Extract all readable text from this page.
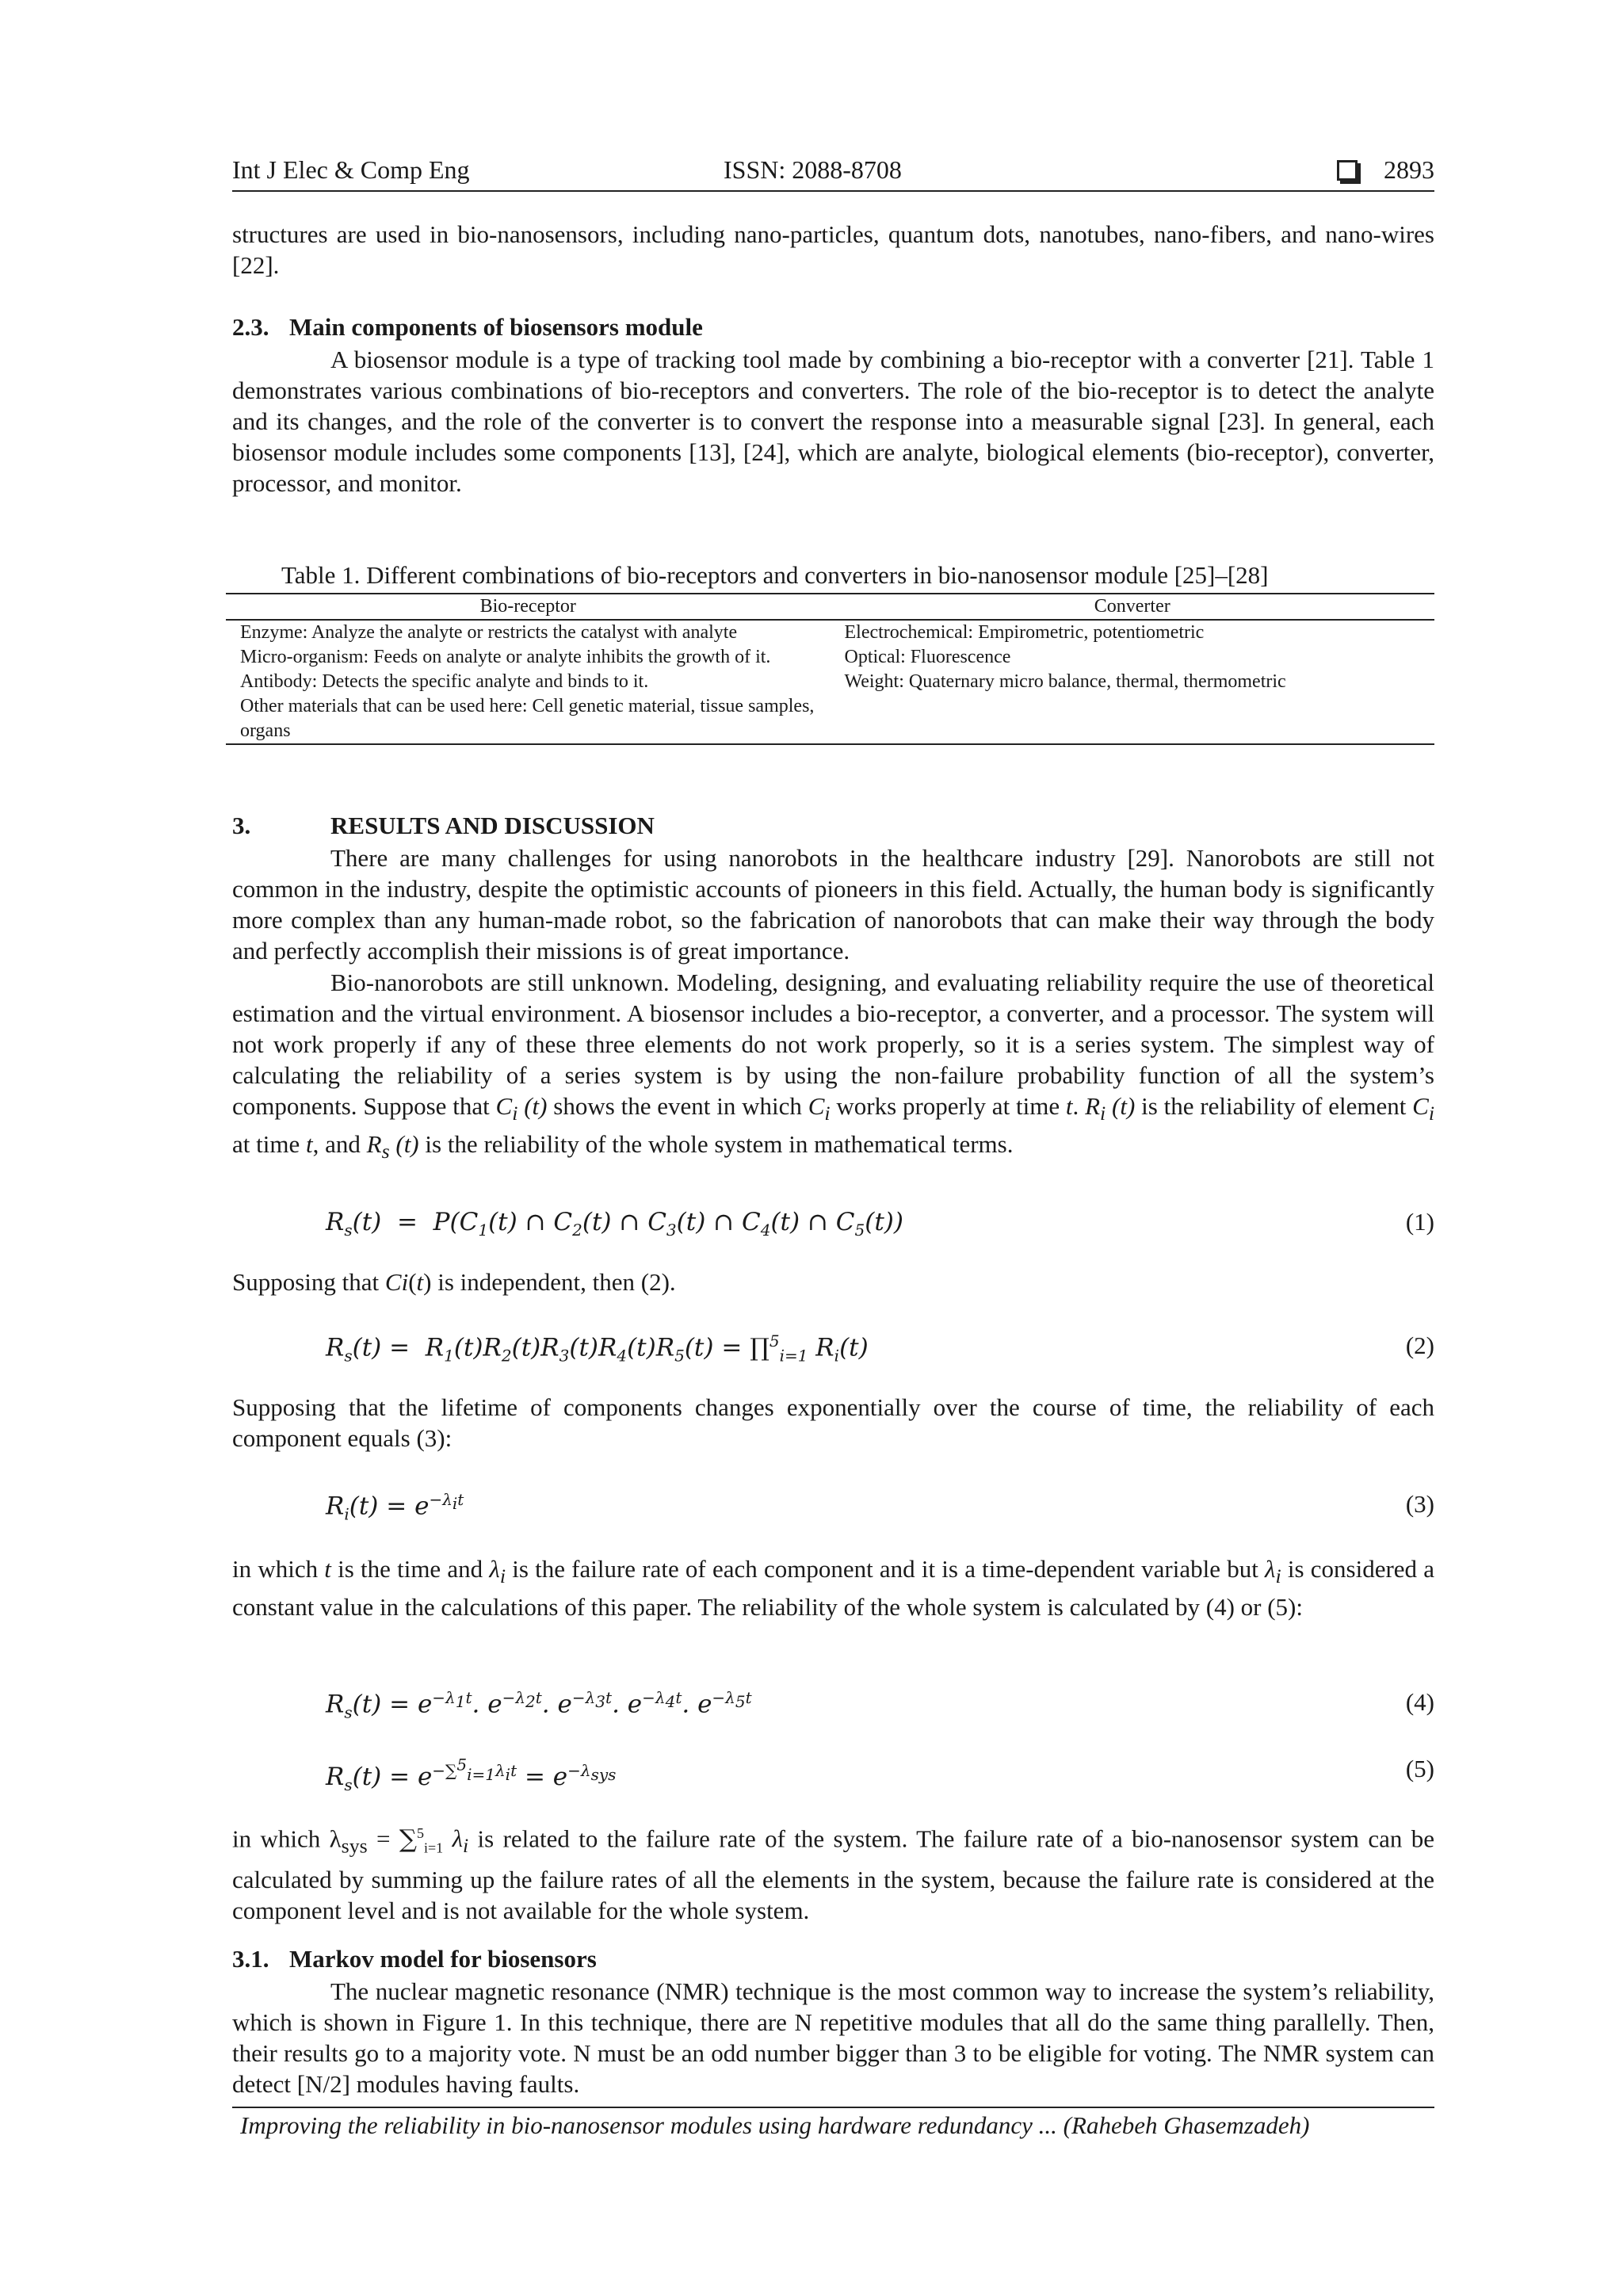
Int J Elec & Comp Eng	ISSN: 2088-8708	2893

structures are used in bio-nanosensors, including nano-particles, quantum dots, nanotubes, nano-fibers, and nano-wires [22].

2.3. Main components of biosensors module

A biosensor module is a type of tracking tool made by combining a bio-receptor with a converter [21]. Table 1 demonstrates various combinations of bio-receptors and converters. The role of the bio-receptor is to detect the analyte and its changes, and the role of the converter is to convert the response into a measurable signal [23]. In general, each biosensor module includes some components [13], [24], which are analyte, biological elements (bio-receptor), converter, processor, and monitor.

Table 1. Different combinations of bio-receptors and converters in bio-nanosensor module [25]–[28]
Bio-receptor	Converter
Enzyme: Analyze the analyte or restricts the catalyst with analyte	Electrochemical: Empirometric, potentiometric
Micro-organism: Feeds on analyte or analyte inhibits the growth of it.	Optical: Fluorescence
Antibody: Detects the specific analyte and binds to it.	Weight: Quaternary micro balance, thermal, thermometric
Other materials that can be used here: Cell genetic material, tissue samples, organs	
3.	RESULTS AND DISCUSSION

There are many challenges for using nanorobots in the healthcare industry [29]. Nanorobots are still not common in the industry, despite the optimistic accounts of pioneers in this field. Actually, the human body is significantly more complex than any human-made robot, so the fabrication of nanorobots that can make their way through the body and perfectly accomplish their missions is of great importance.

Bio-nanorobots are still unknown. Modeling, designing, and evaluating reliability require the use of theoretical estimation and the virtual environment. A biosensor includes a bio-receptor, a converter, and a processor. The system will not work properly if any of these three elements do not work properly, so it is a series system. The simplest way of calculating the reliability of a series system is by using the non-failure probability function of all the system’s components. Suppose that $C_i$ (t) shows the event in which $C_i$ works properly at time t. $R_i$ (t) is the reliability of element $C_i$ at time t, and $R_s$ (t) is the reliability of the whole system in mathematical terms.

$R_s(t) = P(C_1(t)$ ∩ $C_2(t)$ ∩ $C_3(t)$ ∩ $C_4(t)$ ∩ $C_5(t)$)	(1)

Supposing that Ci(t) is independent, then (2).

$R_s(t) = R_1(t)R_2(t)R_3(t)R_4(t)R_5(t)$ = ∏$^5_{i=1}$ $R_i(t)$	(2)

Supposing that the lifetime of components changes exponentially over the course of time, the reliability of each component equals (3):

$R_i(t) = e^{-\lambda_it}$	(3)

in which t is the time and $\lambda_i$ is the failure rate of each component and it is a time-dependent variable but $\lambda_i$ is considered a constant value in the calculations of this paper. The reliability of the whole system is calculated by (4) or (5):

$R_s(t) = e^{-\lambda_1t}$. $e^{-\lambda_2t}$. $e^{-\lambda_3t}$. $e^{-\lambda_4t}$. $e^{-\lambda_5t}$	(4)
$R_s(t) = e^{-\sum^5_{i=1}\lambda_it} = e^{-\lambda_{sys}}$	(5)

in which $\lambda_{sys} = \sum^5_{i=1}$ $\lambda_i$ is related to the failure rate of the system. The failure rate of a bio-nanosensor system can be calculated by summing up the failure rates of all the elements in the system, because the failure rate is considered at the component level and is not available for the whole system.

3.1. Markov model for biosensors

The nuclear magnetic resonance (NMR) technique is the most common way to increase the system’s reliability, which is shown in Figure 1. In this technique, there are N repetitive modules that all do the same thing parallelly. Then, their results go to a majority vote. N must be an odd number bigger than 3 to be eligible for voting. The NMR system can detect [N/2] modules having faults.

Improving the reliability in bio-nanosensor modules using hardware redundancy ... (Rahebeh Ghasemzadeh)
